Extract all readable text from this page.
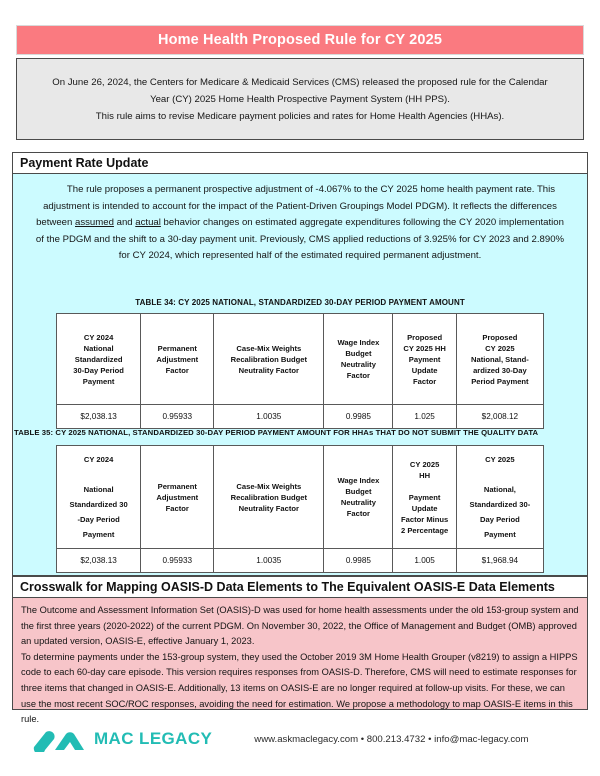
Home Health Proposed Rule for CY 2025

On June 26, 2024, the Centers for Medicare & Medicaid Services (CMS) released the proposed rule for the Calendar

Year (CY) 2025 Home Health Prospective Payment System (HH PPS).

This rule aims to revise Medicare payment policies and rates for Home Health Agencies (HHAs).

Payment Rate Update

The rule proposes a permanent prospective adjustment of -4.067% to the CY 2025 home health payment rate. This adjustment is intended to account for the impact of the Patient-Driven Groupings Model PDGM). It reflects the differences between assumed and actual behavior changes on estimated aggregate expenditures following the CY 2020 implementation of the PDGM and the shift to a 30-day payment unit. Previously, CMS applied reductions of 3.925% for CY 2023 and 2.890% for CY 2024, which represented half of the estimated required permanent adjustment.

TABLE 34: CY 2025 NATIONAL, STANDARDIZED 30-DAY PERIOD PAYMENT AMOUNT
CY 2024
National
Standardized
30-Day Period
Payment	Permanent
Adjustment
Factor	Case-Mix Weights
Recalibration Budget
Neutrality Factor	Wage Index
Budget
Neutrality
Factor	Proposed
CY 2025 HH
Payment
Update
Factor	Proposed
CY 2025
National, Stand-
ardized 30-Day
Period Payment
$2,038.13	0.95933	1.0035	0.9985	1.025	$2,008.12
TABLE 35: CY 2025 NATIONAL, STANDARDIZED 30-DAY PERIOD PAYMENT AMOUNT FOR HHAs THAT DO NOT SUBMIT THE QUALITY DATA
CY 2024

National
Standardized 30
-Day Period
Payment	Permanent
Adjustment
Factor	Case-Mix Weights
Recalibration Budget
Neutrality Factor	Wage Index
Budget
Neutrality
Factor	CY 2025
HH

Payment
Update
Factor Minus
2 Percentage	CY 2025

National,
Standardized 30-
Day Period
Payment
$2,038.13	0.95933	1.0035	0.9985	1.005	$1,968.94
Crosswalk for Mapping OASIS-D Data Elements to The Equivalent OASIS-E Data Elements

The Outcome and Assessment Information Set (OASIS)-D was used for home health assessments under the old 153-group system and the first three years (2020-2022) of the current PDGM. On November 30, 2022, the Office of Management and Budget (OMB) approved an updated version, OASIS-E, effective January 1, 2023.

To determine payments under the 153-group system, they used the October 2019 3M Home Health Grouper (v8219) to assign a HIPPS code to each 60-day care episode. This version requires responses from OASIS-D. Therefore, CMS will need to estimate responses for three items that changed in OASIS-E. Additionally, 13 items on OASIS-E are no longer required at follow-up visits. For these, we can use the most recent SOC/ROC responses, avoiding the need for estimation. We propose a methodology to map OASIS-E items in this rule.

MAC LEGACY	www.askmaclegacy.com • 800.213.4732 • info@mac-legacy.com
